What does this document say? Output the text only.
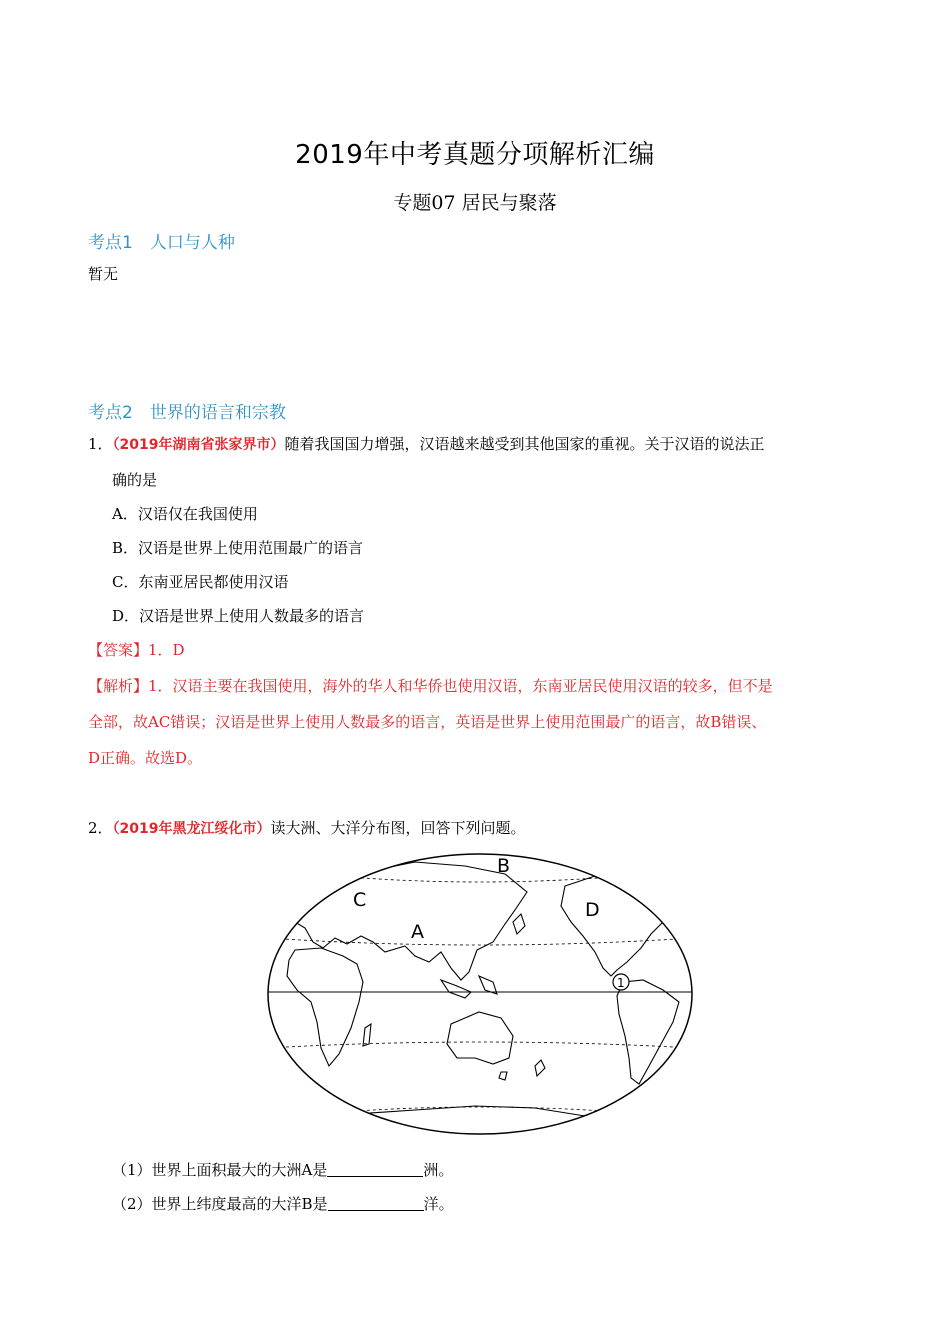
2019年中考真题分项解析汇编
专题07 居民与聚落
考点1　人口与人种
暂无
考点2　世界的语言和宗教
1．（2019年湖南省张家界市）随着我国国力增强，汉语越来越受到其他国家的重视。关于汉语的说法正
确的是
A．汉语仅在我国使用
B．汉语是世界上使用范围最广的语言
C．东南亚居民都使用汉语
D．汉语是世界上使用人数最多的语言
【答案】1．D
【解析】1．汉语主要在我国使用，海外的华人和华侨也使用汉语，东南亚居民使用汉语的较多，但不是
全部，故AC错误；汉语是世界上使用人数最多的语言，英语是世界上使用范围最广的语言，故B错误、
D正确。故选D。
2．（2019年黑龙江绥化市）读大洲、大洋分布图，回答下列问题。
A
B
C	D
1
（1）世界上面积最大的大洲A是	洲。
（2）世界上纬度最高的大洋B是	洋。
